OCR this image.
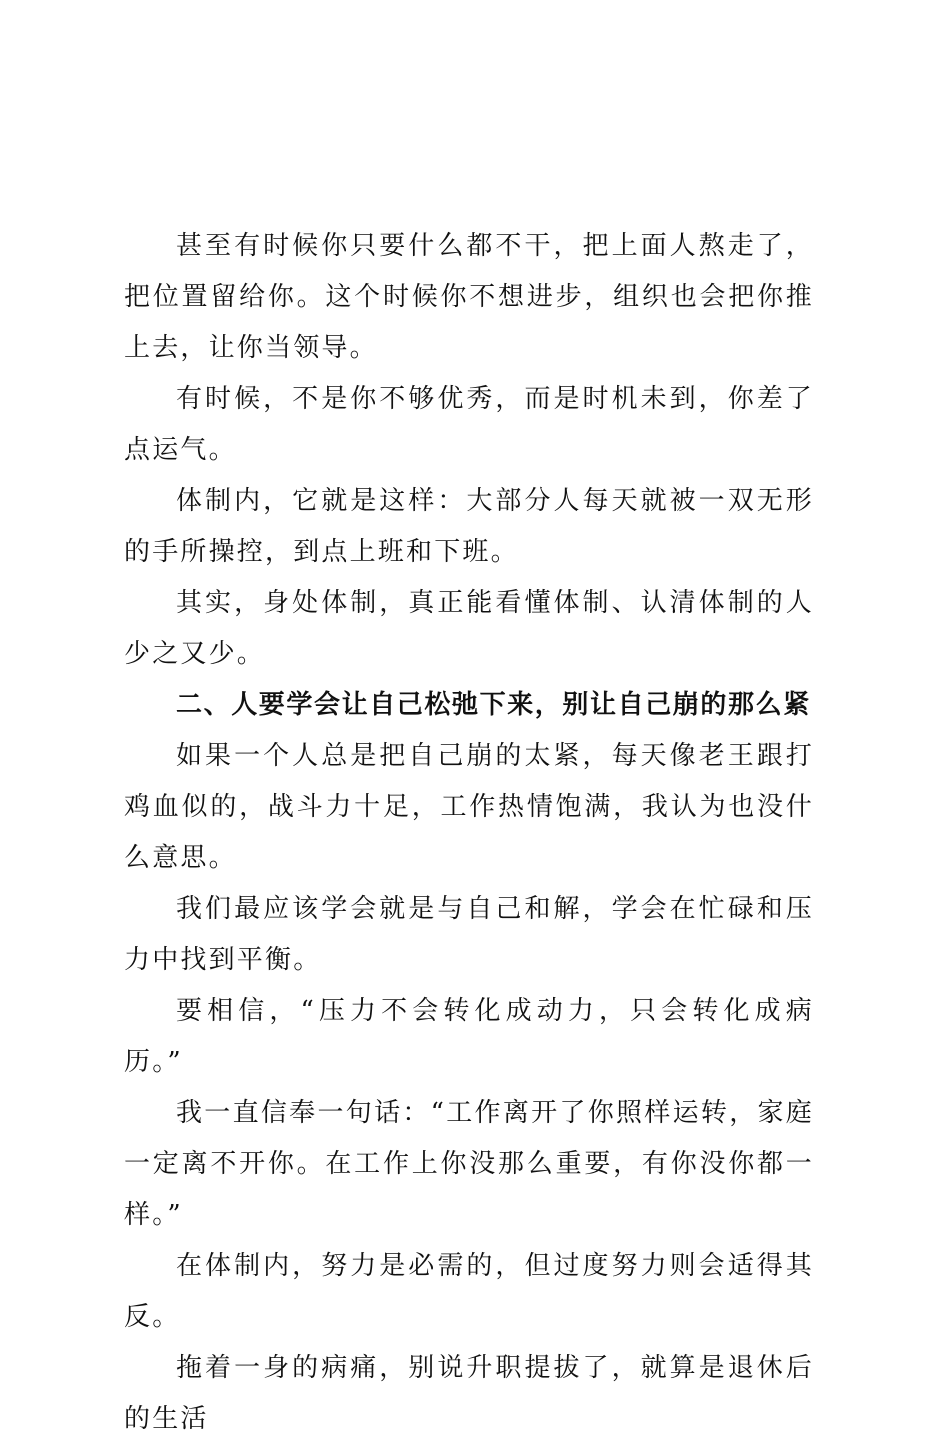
甚至有时候你只要什么都不干，把上面人熬走了，把位置留给你。这个时候你不想进步，组织也会把你推上去，让你当领导。

有时候，不是你不够优秀，而是时机未到，你差了点运气。

体制内，它就是这样：大部分人每天就被一双无形的手所操控，到点上班和下班。

其实，身处体制，真正能看懂体制、认清体制的人少之又少。

二、人要学会让自己松弛下来，别让自己崩的那么紧

如果一个人总是把自己崩的太紧，每天像老王跟打鸡血似的，战斗力十足，工作热情饱满，我认为也没什么意思。

我们最应该学会就是与自己和解，学会在忙碌和压力中找到平衡。

要相信，“压力不会转化成动力，只会转化成病历。”

我一直信奉一句话：“工作离开了你照样运转，家庭一定离不开你。在工作上你没那么重要，有你没你都一样。”

在体制内，努力是必需的，但过度努力则会适得其反。

拖着一身的病痛，别说升职提拔了，就算是退休后的生活
